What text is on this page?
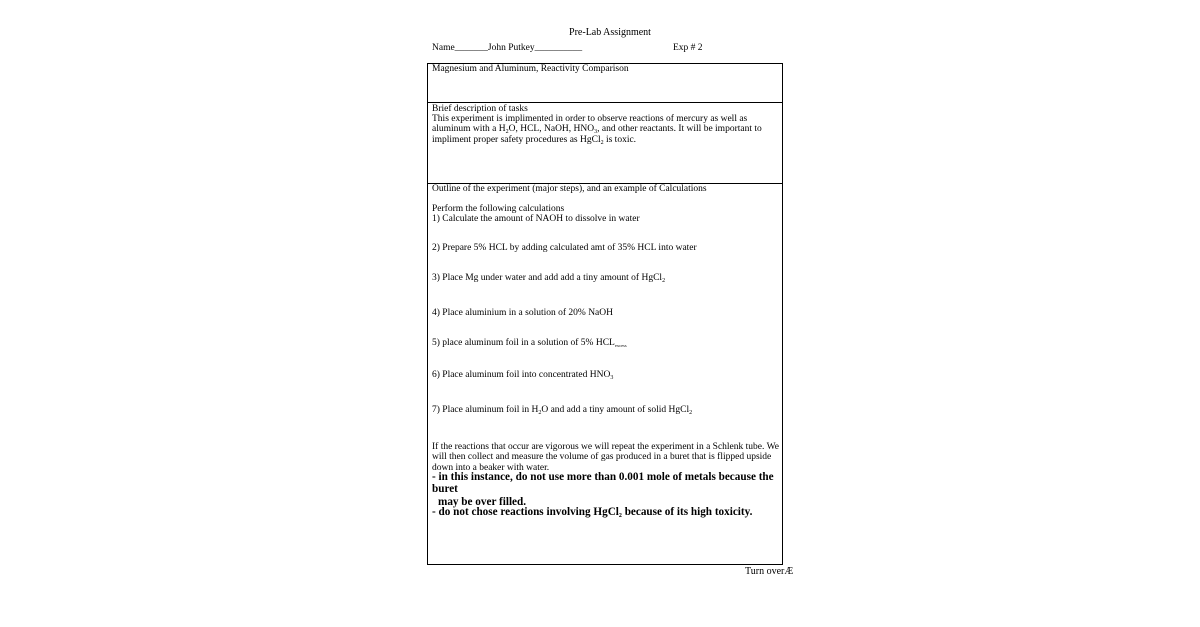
Pre-Lab Assignment
Name_______John Putkey__________	Exp # 2
Magnesium and Aluminum, Reactivity Comparison
Brief description of tasks
This experiment is implimented in order to observe reactions of mercury as well as aluminum with a $H_2O$, HCL, NaOH, $HNO_3$, and other reactants. It will be important to impliment proper safety procedures as HgCl$_2$ is toxic.
Outline of the experiment (major steps), and an example of Calculations
Perform the following calculations
1) Calculate the amount of NAOH to dissolve in water
2) Prepare 5% HCL by adding calculated amt of 35% HCL into water
3) Place Mg under water and add add a tiny amount of HgCl$_2$
4) Place aluminium in a solution of 20% NaOH
5) place aluminum foil in a solution of 5% $HCL_{excess}$
6) Place aluminum foil into concentrated $HNO_3$
7) Place aluminum foil in $H_2O$ and add a tiny amount of solid HgCl$_2$
If the reactions that occur are vigorous we will repeat the experiment in a Schlenk tube. We will then collect and measure the volume of gas produced in a buret that is flipped upside down into a beaker with water.
- in this instance, do not use more than 0.001 mole of metals because the buret
may be over filled.
- do not chose reactions involving HgCl$_2$ because of its high toxicity.
Turn overÆ
